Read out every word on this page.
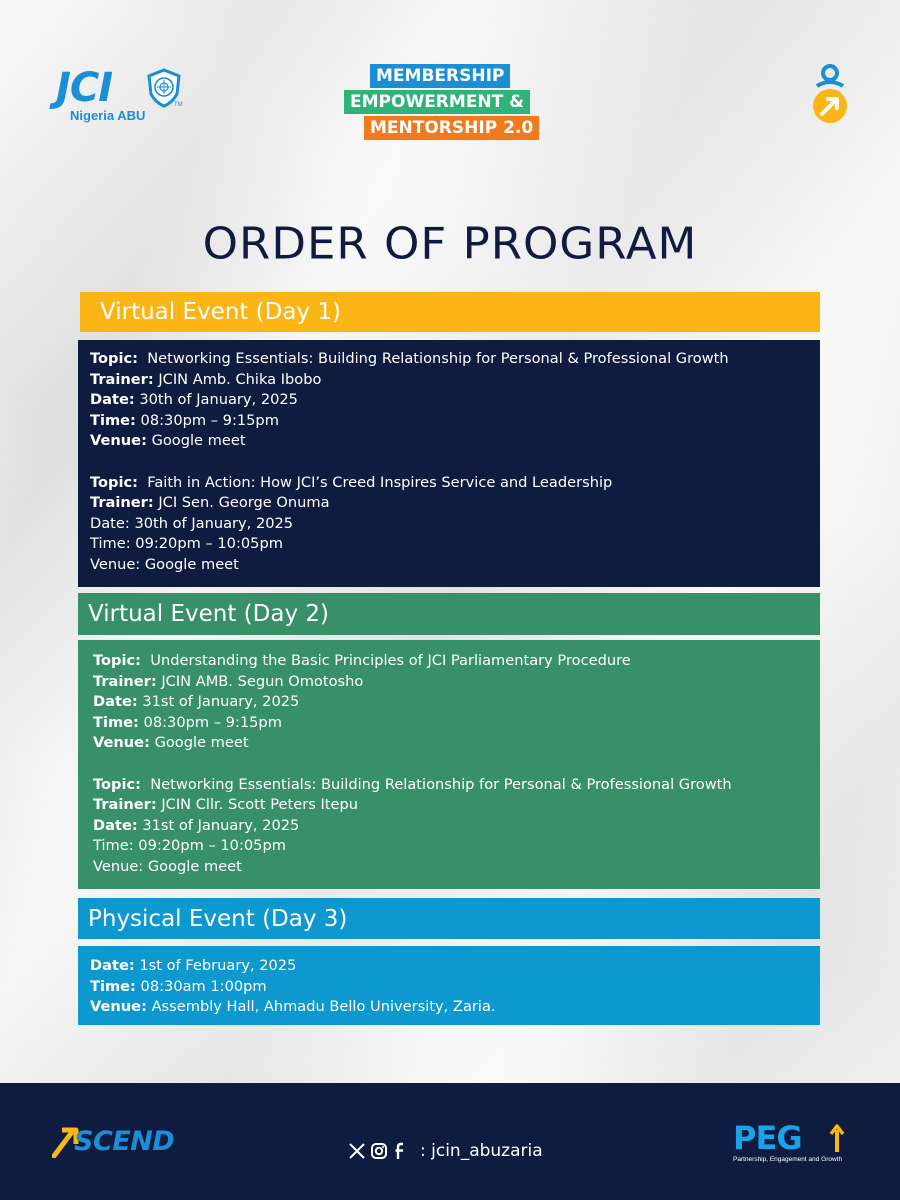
JCI
Nigeria ABU
TM
MEMBERSHIP
EMPOWERMENT &
MENTORSHIP 2.0
ORDER OF PROGRAM
Virtual Event (Day 1)
Topic: Networking Essentials: Building Relationship for Personal & Professional Growth
Trainer: JCIN Amb. Chika Ibobo
Date: 30th of January, 2025
Time: 08:30pm – 9:15pm
Venue: Google meet
Topic: Faith in Action: How JCI’s Creed Inspires Service and Leadership
Trainer: JCI Sen. George Onuma
Date: 30th of January, 2025
Time: 09:20pm – 10:05pm
Venue: Google meet
Virtual Event (Day 2)
Topic: Understanding the Basic Principles of JCI Parliamentary Procedure
Trainer: JCIN AMB. Segun Omotosho
Date: 31st of January, 2025
Time: 08:30pm – 9:15pm
Venue: Google meet
Topic: Networking Essentials: Building Relationship for Personal & Professional Growth
Trainer: JCIN Cllr. Scott Peters Itepu
Date: 31st of January, 2025
Time: 09:20pm – 10:05pm
Venue: Google meet
Physical Event (Day 3)
Date: 1st of February, 2025
Time: 08:30am 1:00pm
Venue: Assembly Hall, Ahmadu Bello University, Zaria.
SCEND	: jcin_abuzaria	PEG
Partnership, Engagement and Growth
